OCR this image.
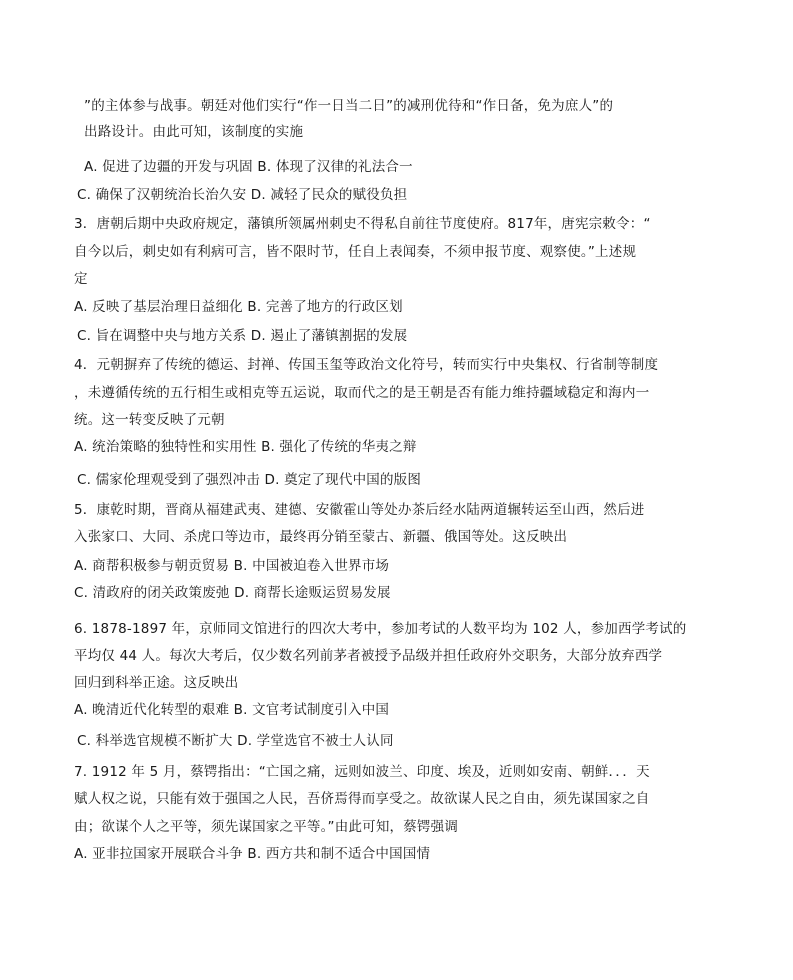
”的主体参与战事。朝廷对他们实行“作一日当二日”的减刑优待和“作日备，免为庶人”的
出路设计。由此可知，该制度的实施
A. 促进了边疆的开发与巩固 B. 体现了汉律的礼法合一
C. 确保了汉朝统治长治久安 D. 减轻了民众的赋役负担
3．唐朝后期中央政府规定，藩镇所领属州刺史不得私自前往节度使府。817年，唐宪宗敕令：“
自今以后，刺史如有利病可言，皆不限时节，任自上表闻奏，不须申报节度、观察使。”上述规
定
A. 反映了基层治理日益细化 B. 完善了地方的行政区划
C. 旨在调整中央与地方关系 D. 遏止了藩镇割据的发展
4．元朝摒弃了传统的德运、封禅、传国玉玺等政治文化符号，转而实行中央集权、行省制等制度
，未遵循传统的五行相生或相克等五运说，取而代之的是王朝是否有能力维持疆域稳定和海内一
统。这一转变反映了元朝
A. 统治策略的独特性和实用性 B. 强化了传统的华夷之辩
C. 儒家伦理观受到了强烈冲击 D. 奠定了现代中国的版图
5．康乾时期，晋商从福建武夷、建德、安徽霍山等处办茶后经水陆两道辗转运至山西，然后进
入张家口、大同、杀虎口等边市，最终再分销至蒙古、新疆、俄国等处。这反映出
A. 商帮积极参与朝贡贸易 B. 中国被迫卷入世界市场
C. 清政府的闭关政策废弛 D. 商帮长途贩运贸易发展
6. 1878-1897 年，京师同文馆进行的四次大考中，参加考试的人数平均为 102 人，参加西学考试的
平均仅 44 人。每次大考后，仅少数名列前茅者被授予品级并担任政府外交职务，大部分放弃西学
回归到科举正途。这反映出
A. 晚清近代化转型的艰难 B. 文官考试制度引入中国
C. 科举选官规模不断扩大 D. 学堂选官不被士人认同
7. 1912 年 5 月，蔡锷指出：“亡国之痛，远则如波兰、印度、埃及，近则如安南、朝鲜．．．天
赋人权之说，只能有效于强国之人民，吾侪焉得而享受之。故欲谋人民之自由，须先谋国家之自
由；欲谋个人之平等，须先谋国家之平等。”由此可知，蔡锷强调
A. 亚非拉国家开展联合斗争 B. 西方共和制不适合中国国情
